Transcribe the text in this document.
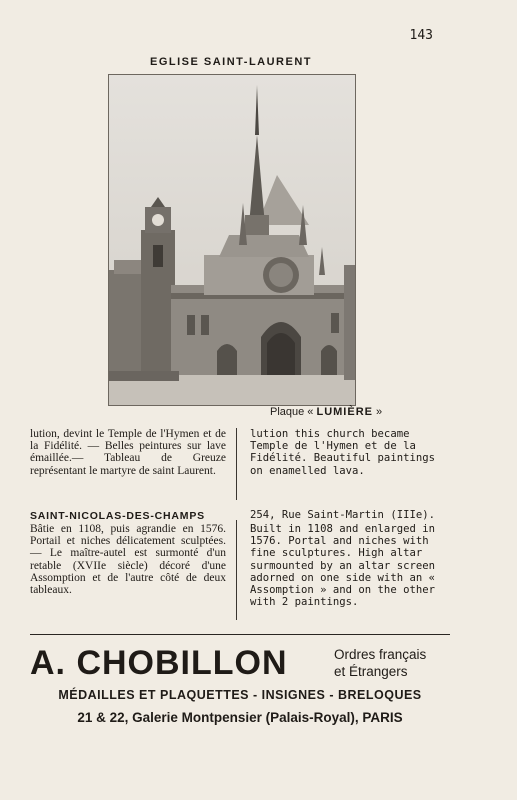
143
EGLISE SAINT-LAURENT
Plaque « LUMIÈRE »

lution, devint le Temple de l'Hymen et de la Fidélité. — Belles peintures sur lave émaillée.— Tableau de Greuze représentant le martyre de saint Laurent.

lution this church became Temple de l'Hymen et de la Fidélité. Beautiful paintings on enamelled lava.

SAINT-NICOLAS-DES-CHAMPS	254, Rue Saint-Martin (IIIe).

Bâtie en 1108, puis agrandie en 1576. Portail et niches délicatement sculptées. — Le maître-autel est surmonté d'un retable (XVIIe siècle) décoré d'une Assomption et de l'autre côté de deux tableaux.

Built in 1108 and enlarged in 1576. Portal and niches with fine sculptures. High altar surmounted by an altar screen adorned on one side with an « Assomption » and on the other with 2 paintings.

A. CHOBILLON	Ordres français
et Étrangers
MÉDAILLES ET PLAQUETTES - INSIGNES - BRELOQUES
21 & 22, Galerie Montpensier (Palais-Royal), PARIS
